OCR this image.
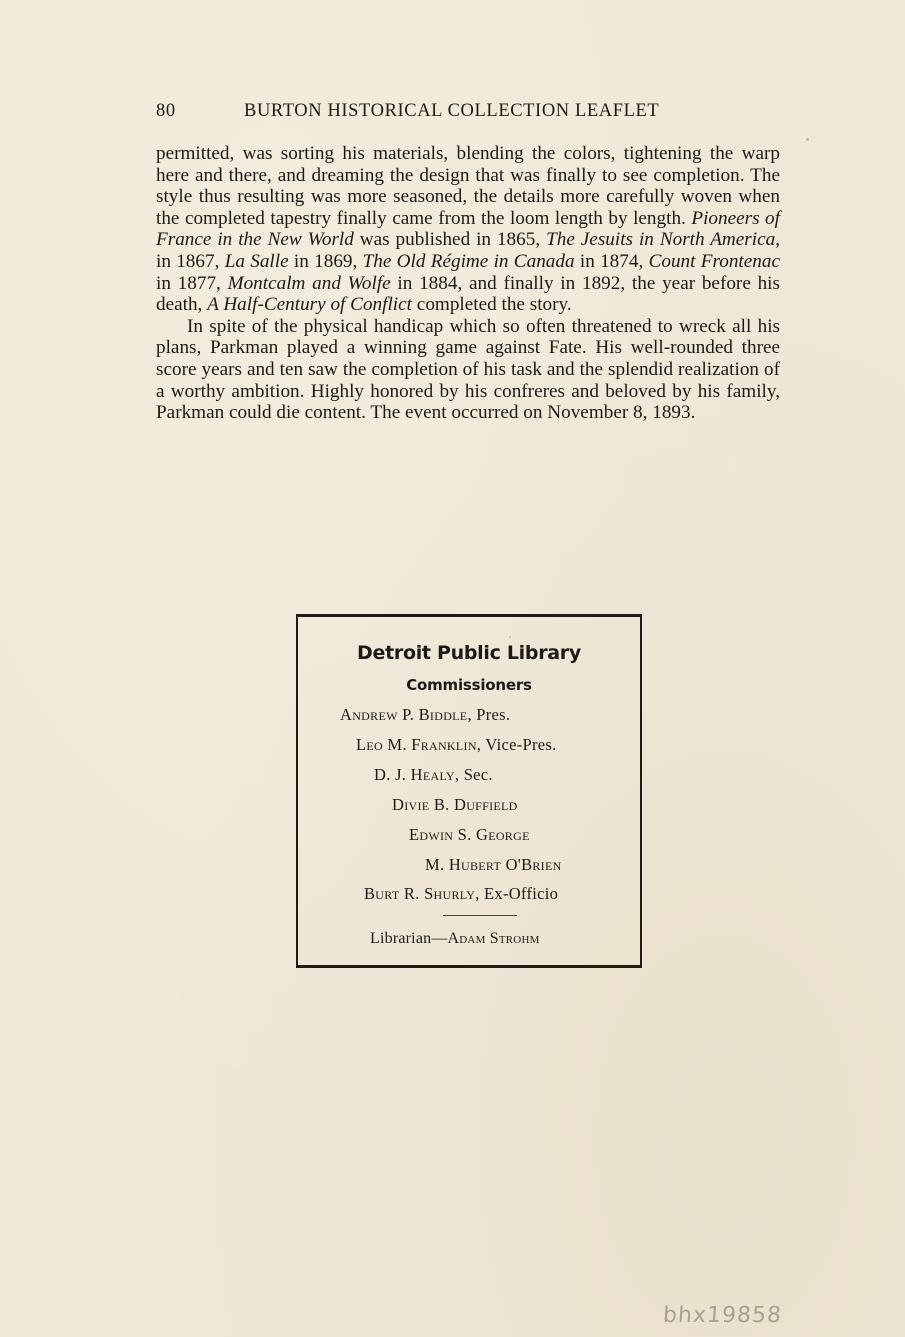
80	BURTON HISTORICAL COLLECTION LEAFLET

permitted, was sorting his materials, blending the colors, tightening the warp here and there, and dreaming the design that was finally to see completion. The style thus resulting was more seasoned, the details more carefully woven when the completed tapestry finally came from the loom length by length. Pioneers of France in the New World was published in 1865, The Jesuits in North America, in 1867, La Salle in 1869, The Old Régime in Canada in 1874, Count Frontenac in 1877, Montcalm and Wolfe in 1884, and finally in 1892, the year before his death, A Half-Century of Conflict completed the story.

In spite of the physical handicap which so often threatened to wreck all his plans, Parkman played a winning game against Fate. His well-rounded three score years and ten saw the completion of his task and the splendid realization of a worthy ambition. Highly honored by his confreres and beloved by his family, Parkman could die content. The event occurred on November 8, 1893.

Detroit Public Library
Commissioners
Andrew P. Biddle, Pres.
Leo M. Franklin, Vice-Pres.
D. J. Healy, Sec.
Divie B. Duffield
Edwin S. George
M. Hubert O'Brien
Burt R. Shurly, Ex-Officio
Librarian—Adam Strohm
bhx19858
